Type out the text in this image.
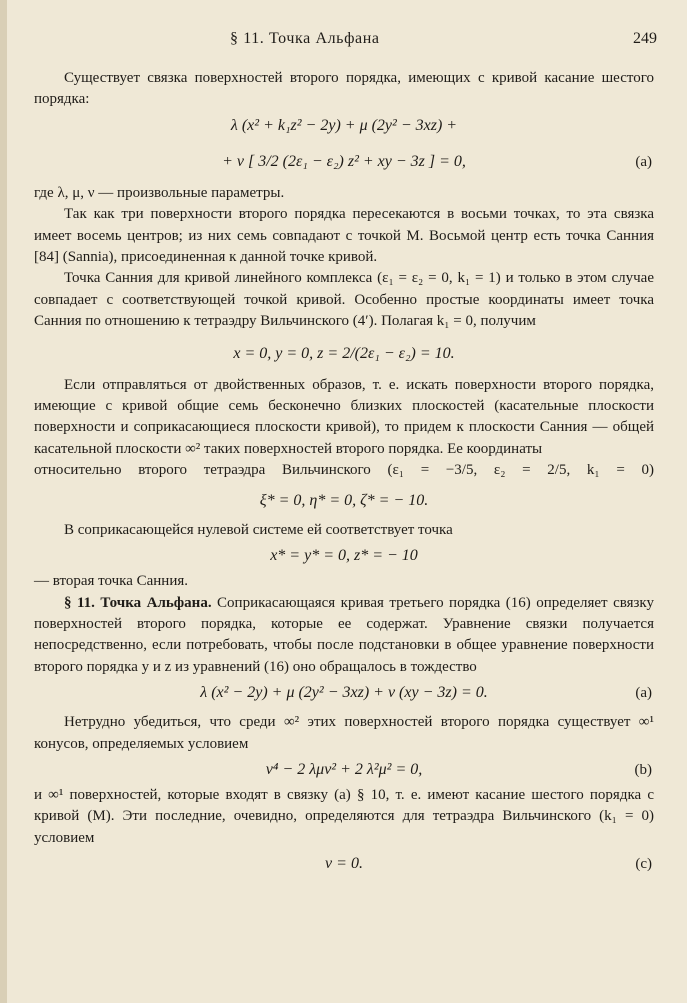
§ 11. Точка Альфана	249

Существует связка поверхностей второго порядка, имеющих с кривой касание шестого порядка:

λ (x² + k₁z² − 2y) + μ (2y² − 3xz) +
+ ν [ 3/2 (2ε₁ − ε₂) z² + xy − 3z ] = 0,	(a)

где λ, μ, ν — произвольные параметры.

Так как три поверхности второго порядка пересекаются в восьми точках, то эта связка имеет восемь центров; из них семь совпадают с точкой M. Восьмой центр есть точка Санния [84] (Sannia), присоединенная к данной точке кривой.

Точка Санния для кривой линейного комплекса (ε₁ = ε₂ = 0, k₁ = 1) и только в этом случае совпадает с соответствующей точкой кривой. Особенно простые координаты имеет точка Санния по отношению к тетраэдру Вильчинского (4′). Полагая k₁ = 0, получим

x = 0, y = 0, z = 2/(2ε₁ − ε₂) = 10.

Если отправляться от двойственных образов, т. е. искать поверхности второго порядка, имеющие с кривой общие семь бесконечно близких плоскостей (касательные плоскости поверхности и соприкасающиеся плоскости кривой), то придем к плоскости Санния — общей касательной плоскости ∞² таких поверхностей второго порядка. Ее координаты

относительно второго тетраэдра Вильчинского (ε₁ = −3/5, ε₂ = 2/5, k₁ = 0)

ξ* = 0, η* = 0, ζ* = − 10.

В соприкасающейся нулевой системе ей соответствует точка

x* = y* = 0, z* = − 10

— вторая точка Санния.

§ 11. Точка Альфана. Соприкасающаяся кривая третьего порядка (16) определяет связку поверхностей второго порядка, которые ее содержат. Уравнение связки получается непосредственно, если потребовать, чтобы после подстановки в общее уравнение поверхности второго порядка y и z из уравнений (16) оно обращалось в тождество

λ (x² − 2y) + μ (2y² − 3xz) + ν (xy − 3z) = 0.	(a)

Нетрудно убедиться, что среди ∞² этих поверхностей второго порядка существует ∞¹ конусов, определяемых условием

ν⁴ − 2 λμν² + 2 λ²μ² = 0,	(b)

и ∞¹ поверхностей, которые входят в связку (a) § 10, т. е. имеют касание шестого порядка с кривой (M). Эти последние, очевидно, определяются для тетраэдра Вильчинского (k₁ = 0) условием

ν = 0.	(c)
